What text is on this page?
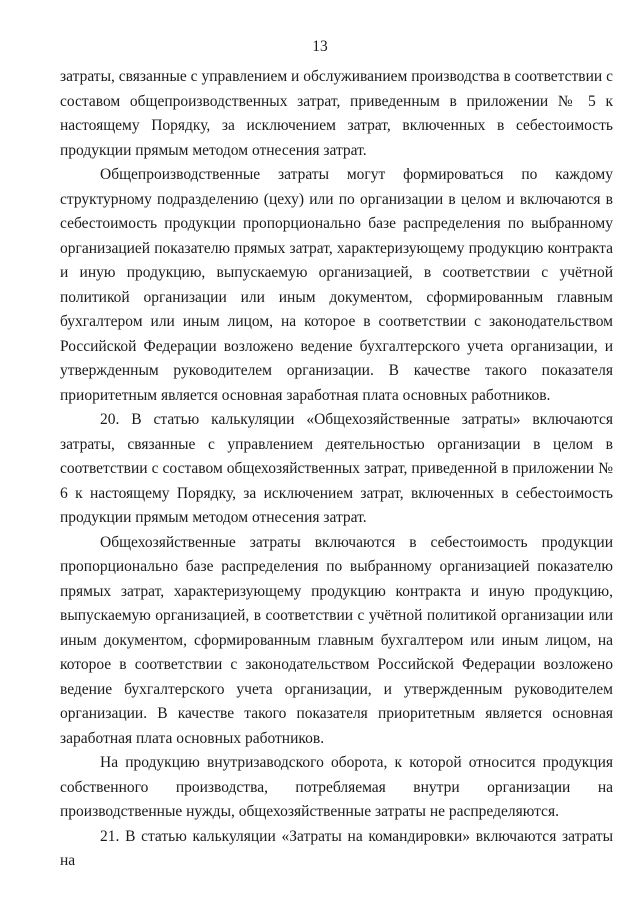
13

затраты, связанные с управлением и обслуживанием производства в соответствии с составом общепроизводственных затрат, приведенным в приложении № 5 к настоящему Порядку, за исключением затрат, включенных в себестоимость продукции прямым методом отнесения затрат.

Общепроизводственные затраты могут формироваться по каждому структурному подразделению (цеху) или по организации в целом и включаются в себестоимость продукции пропорционально базе распределения по выбранному организацией показателю прямых затрат, характеризующему продукцию контракта и иную продукцию, выпускаемую организацией, в соответствии с учётной политикой организации или иным документом, сформированным главным бухгалтером или иным лицом, на которое в соответствии с законодательством Российской Федерации возложено ведение бухгалтерского учета организации, и утвержденным руководителем организации. В качестве такого показателя приоритетным является основная заработная плата основных работников.

20. В статью калькуляции «Общехозяйственные затраты» включаются затраты, связанные с управлением деятельностью организации в целом в соответствии с составом общехозяйственных затрат, приведенной в приложении № 6 к настоящему Порядку, за исключением затрат, включенных в себестоимость продукции прямым методом отнесения затрат.

Общехозяйственные затраты включаются в себестоимость продукции пропорционально базе распределения по выбранному организацией показателю прямых затрат, характеризующему продукцию контракта и иную продукцию, выпускаемую организацией, в соответствии с учётной политикой организации или иным документом, сформированным главным бухгалтером или иным лицом, на которое в соответствии с законодательством Российской Федерации возложено ведение бухгалтерского учета организации, и утвержденным руководителем организации. В качестве такого показателя приоритетным является основная заработная плата основных работников.

На продукцию внутризаводского оборота, к которой относится продукция собственного производства, потребляемая внутри организации на производственные нужды, общехозяйственные затраты не распределяются.

21. В статью калькуляции «Затраты на командировки» включаются затраты на
